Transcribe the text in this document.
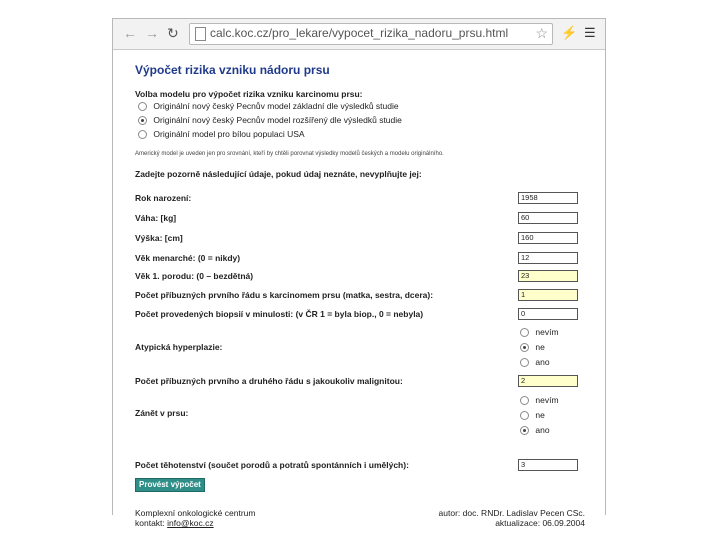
← → ↻	calc.koc.cz/pro_lekare/vypocet_rizika_nadoru_prsu.html ☆ ⚡ ☰
Výpočet rizika vzniku nádoru prsu
Volba modelu pro výpočet rizika vzniku karcinomu prsu:
Originální nový český Pecnův model základní dle výsledků studie
Originální nový český Pecnův model rozšířený dle výsledků studie
Originální model pro bílou populaci USA
Americký model je uveden jen pro srovnání, kteří by chtěli porovnat výsledky modelů českých a modelu originálního.
Zadejte pozorně následující údaje, pokud údaj neznáte, nevyplňujte jej:
Rok narození:	1958
Váha: [kg]	60
Výška: [cm]	160
Věk menarché: (0 = nikdy)	12
Věk 1. porodu: (0 – bezdětná)	23
Počet příbuzných prvního řádu s karcinomem prsu (matka, sestra, dcera):	1
Počet provedených biopsií v minulosti: (v ČR 1 = byla biop., 0 = nebyla)	0
Atypická hyperplazie:
nevím
ne
ano
Počet příbuzných prvního a druhého řádu s jakoukoliv malignitou:	2
Zánět v prsu:
nevím
ne
ano
Počet těhotenství (součet porodů a potratů spontánních i umělých):	3
Provést výpočet
Komplexní onkologické centrum
kontakt: info@koc.cz
autor: doc. RNDr. Ladislav Pecen CSc.
aktualizace: 06.09.2004
